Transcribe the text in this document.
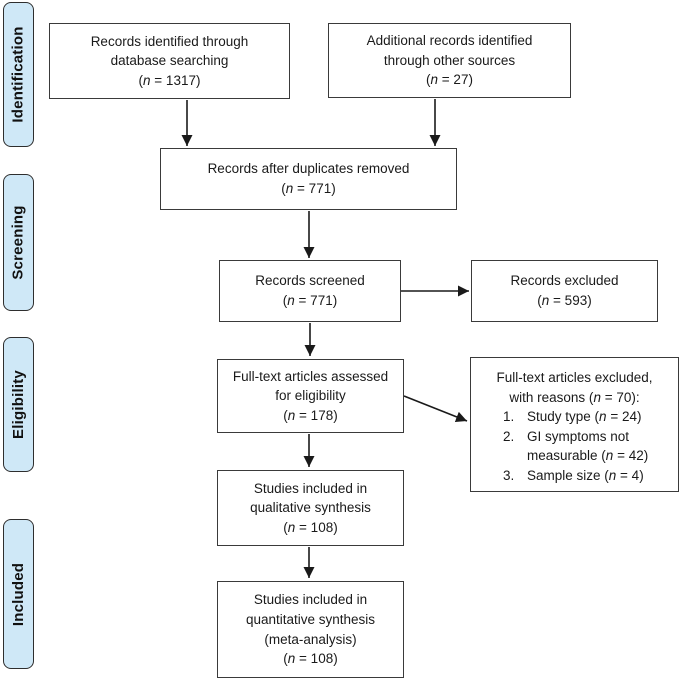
Identification
Screening
Eligibility
Included
Records identified through
database searching
(n = 1317)
Additional records identified
through other sources
(n = 27)
Records after duplicates removed
(n = 771)
Records screened
(n = 771)
Records excluded
(n = 593)
Full-text articles assessed
for eligibility
(n = 178)
Full-text articles excluded,
with reasons (n = 70):
1. Study type (n = 24)
2. GI symptoms not measurable (n = 42)
3. Sample size (n = 4)
Studies included in
qualitative synthesis
(n = 108)
Studies included in
quantitative synthesis
(meta-analysis)
(n = 108)
